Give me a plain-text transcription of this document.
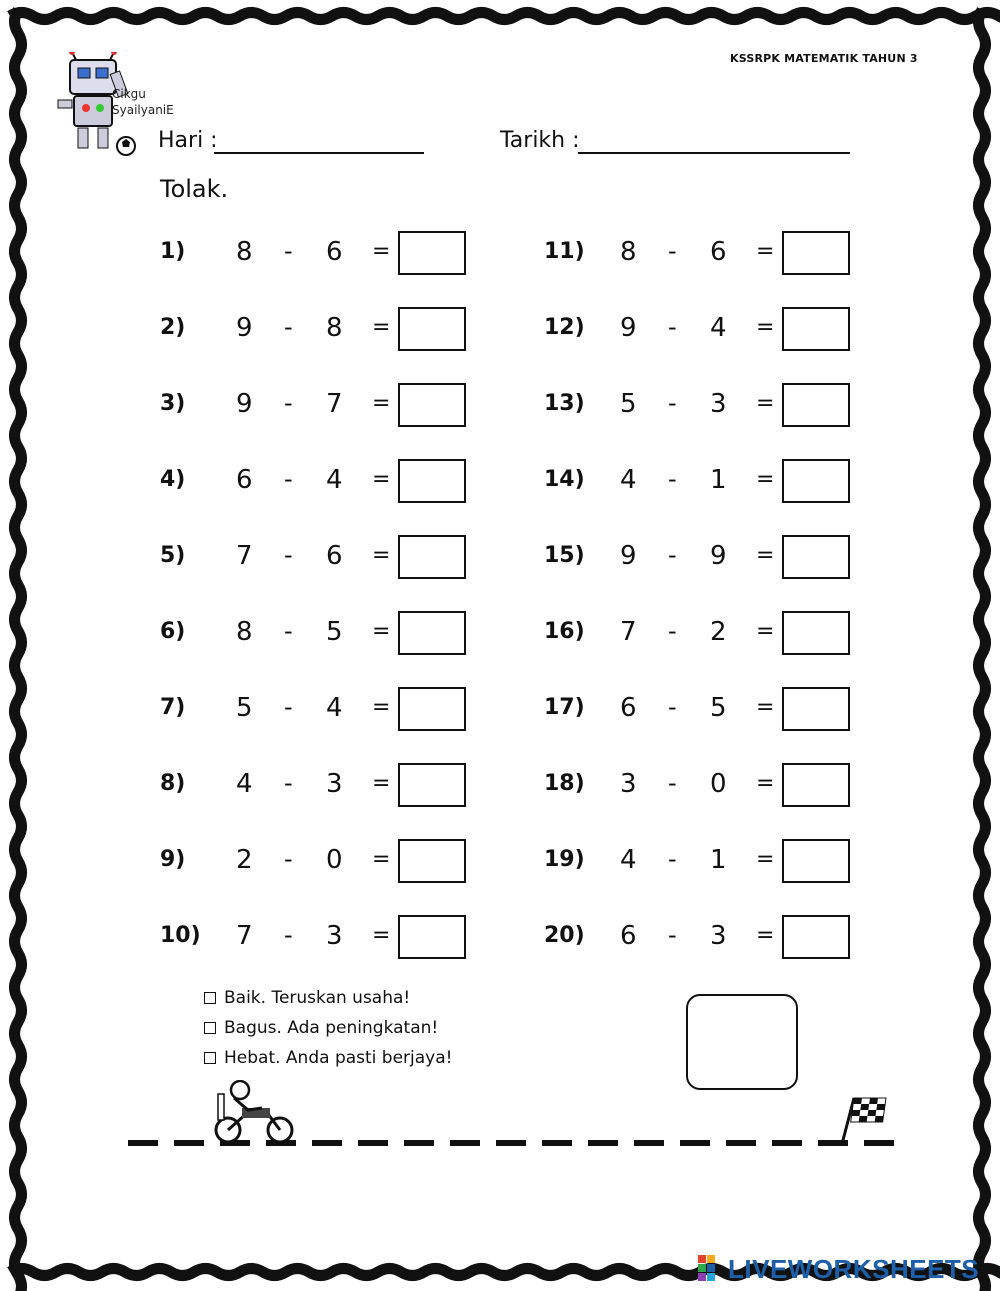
KSSRPK MATEMATIK TAHUN 3
Cikgu
SyailyaniE
Hari :	Tarikh :
Tolak.
1) 8 - 6 =
2) 9 - 8 =
3) 9 - 7 =
4) 6 - 4 =
5) 7 - 6 =
6) 8 - 5 =
7) 5 - 4 =
8) 4 - 3 =
9) 2 - 0 =
10) 7 - 3 =
11) 8 - 6 =
12) 9 - 4 =
13) 5 - 3 =
14) 4 - 1 =
15) 9 - 9 =
16) 7 - 2 =
17) 6 - 5 =
18) 3 - 0 =
19) 4 - 1 =
20) 6 - 3 =
Baik. Teruskan usaha!
Bagus. Ada peningkatan!
Hebat. Anda pasti berjaya!
LIVEWORKSHEETS
